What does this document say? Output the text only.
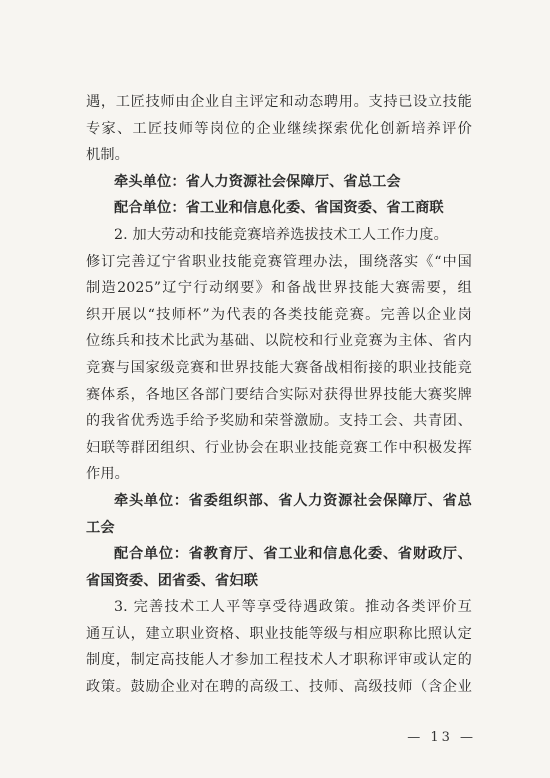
遇，工匠技师由企业自主评定和动态聘用。支持已设立技能
专家、工匠技师等岗位的企业继续探索优化创新培养评价
机制。
牵头单位：省人力资源社会保障厅、省总工会
配合单位：省工业和信息化委、省国资委、省工商联
2. 加大劳动和技能竞赛培养选拔技术工人工作力度。
修订完善辽宁省职业技能竞赛管理办法，围绕落实《“中国
制造2025”辽宁行动纲要》和备战世界技能大赛需要，组
织开展以“技师杯”为代表的各类技能竞赛。完善以企业岗
位练兵和技术比武为基础、以院校和行业竞赛为主体、省内
竞赛与国家级竞赛和世界技能大赛备战相衔接的职业技能竞
赛体系，各地区各部门要结合实际对获得世界技能大赛奖牌
的我省优秀选手给予奖励和荣誉激励。支持工会、共青团、
妇联等群团组织、行业协会在职业技能竞赛工作中积极发挥
作用。
牵头单位：省委组织部、省人力资源社会保障厅、省总
工会
配合单位：省教育厅、省工业和信息化委、省财政厅、
省国资委、团省委、省妇联
3. 完善技术工人平等享受待遇政策。推动各类评价互
通互认，建立职业资格、职业技能等级与相应职称比照认定
制度，制定高技能人才参加工程技术人才职称评审或认定的
政策。鼓励企业对在聘的高级工、技师、高级技师（含企业
— 13 —
